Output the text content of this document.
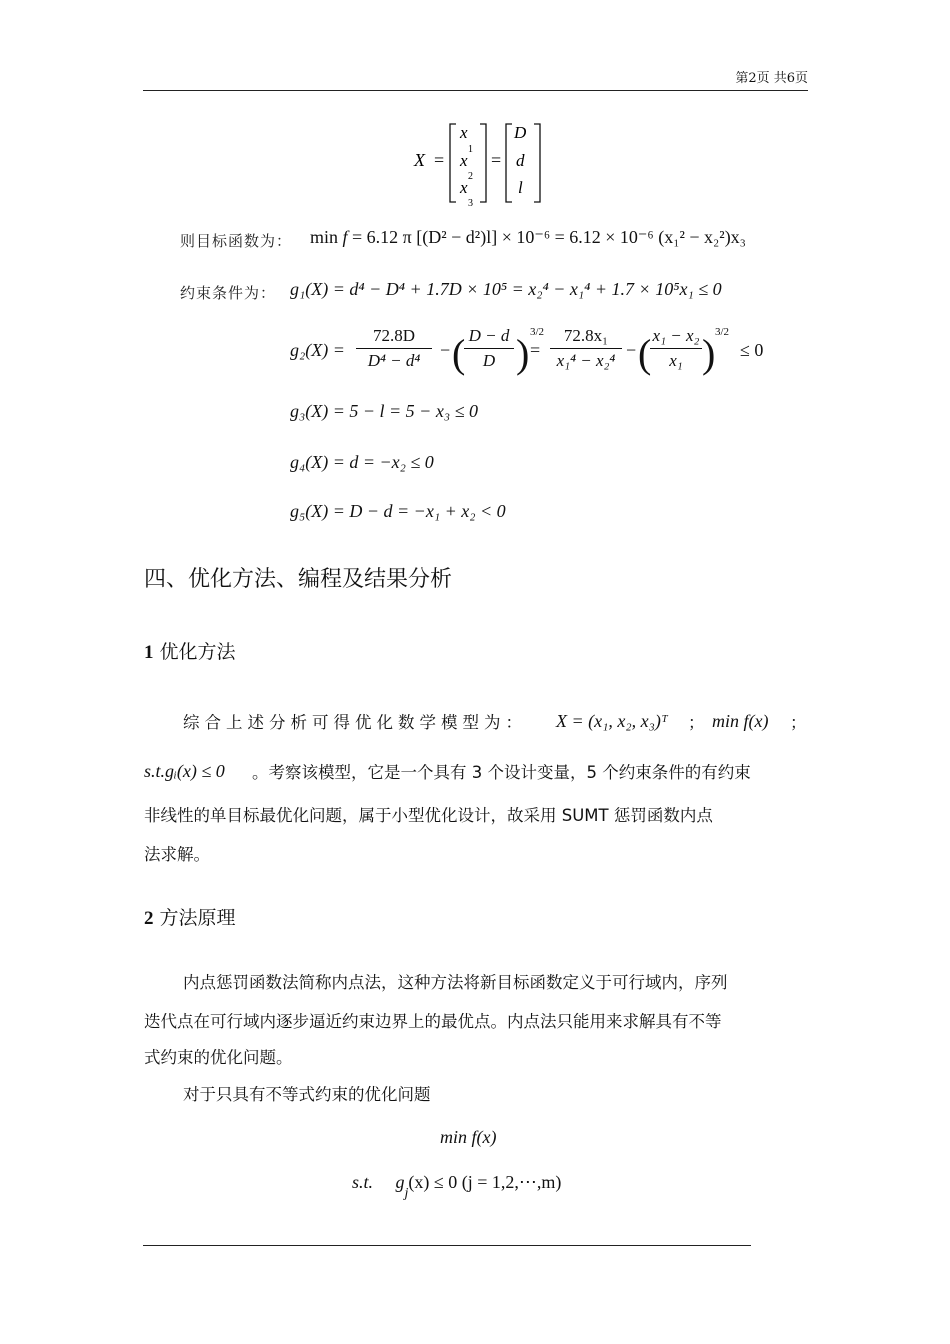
第2页 共6页
X =
x
1
x
2
x
3
=
D
d
l
则目标函数为： min f = 6.12 π [(D² − d²)l] × 10⁻⁶ = 6.12 × 10⁻⁶ (x₁² − x₂²)x₃
约束条件为： g₁(X) = d⁴ − D⁴ + 1.7D × 10⁵ = x₂⁴ − x₁⁴ + 1.7 × 10⁵x₁ ≤ 0
$g_2(X) = \frac{72.8D}{\text{D⁴ − d⁴}}$ − (
$\frac{D - d}{D}$ ) 3/2
= $\frac{\text{72.8x₁}}{\text{x₁⁴ − x₂⁴}}$ − (
$\frac{\text{x₁ − x₂}}{\text{x₁}}$ ) 3/2
≤ 0
g₃(X) = 5 − l = 5 − x₃ ≤ 0
g₄(X) = d = −x₂ ≤ 0
g₅(X) = D − d = −x₁ + x₂ < 0
四、优化方法、编程及结果分析
1 优化方法
综合上述分析可得优化数学模型为： X = (x₁, x₂, x₃)ᵀ ； min f(x) ；
s.t.gᵢ(x) ≤ 0 。考察该模型，它是一个具有 3 个设计变量，5 个约束条件的有约束
非线性的单目标最优化问题，属于小型优化设计，故采用 SUMT 惩罚函数内点
法求解。
2 方法原理
内点惩罚函数法简称内点法，这种方法将新目标函数定义于可行域内，序列
迭代点在可行域内逐步逼近约束边界上的最优点。内点法只能用来求解具有不等
式约束的优化问题。
对于只具有不等式约束的优化问题
min f(x)
s.t. $g_j(x) \le 0$ (j = 1,2,⋯,m)
